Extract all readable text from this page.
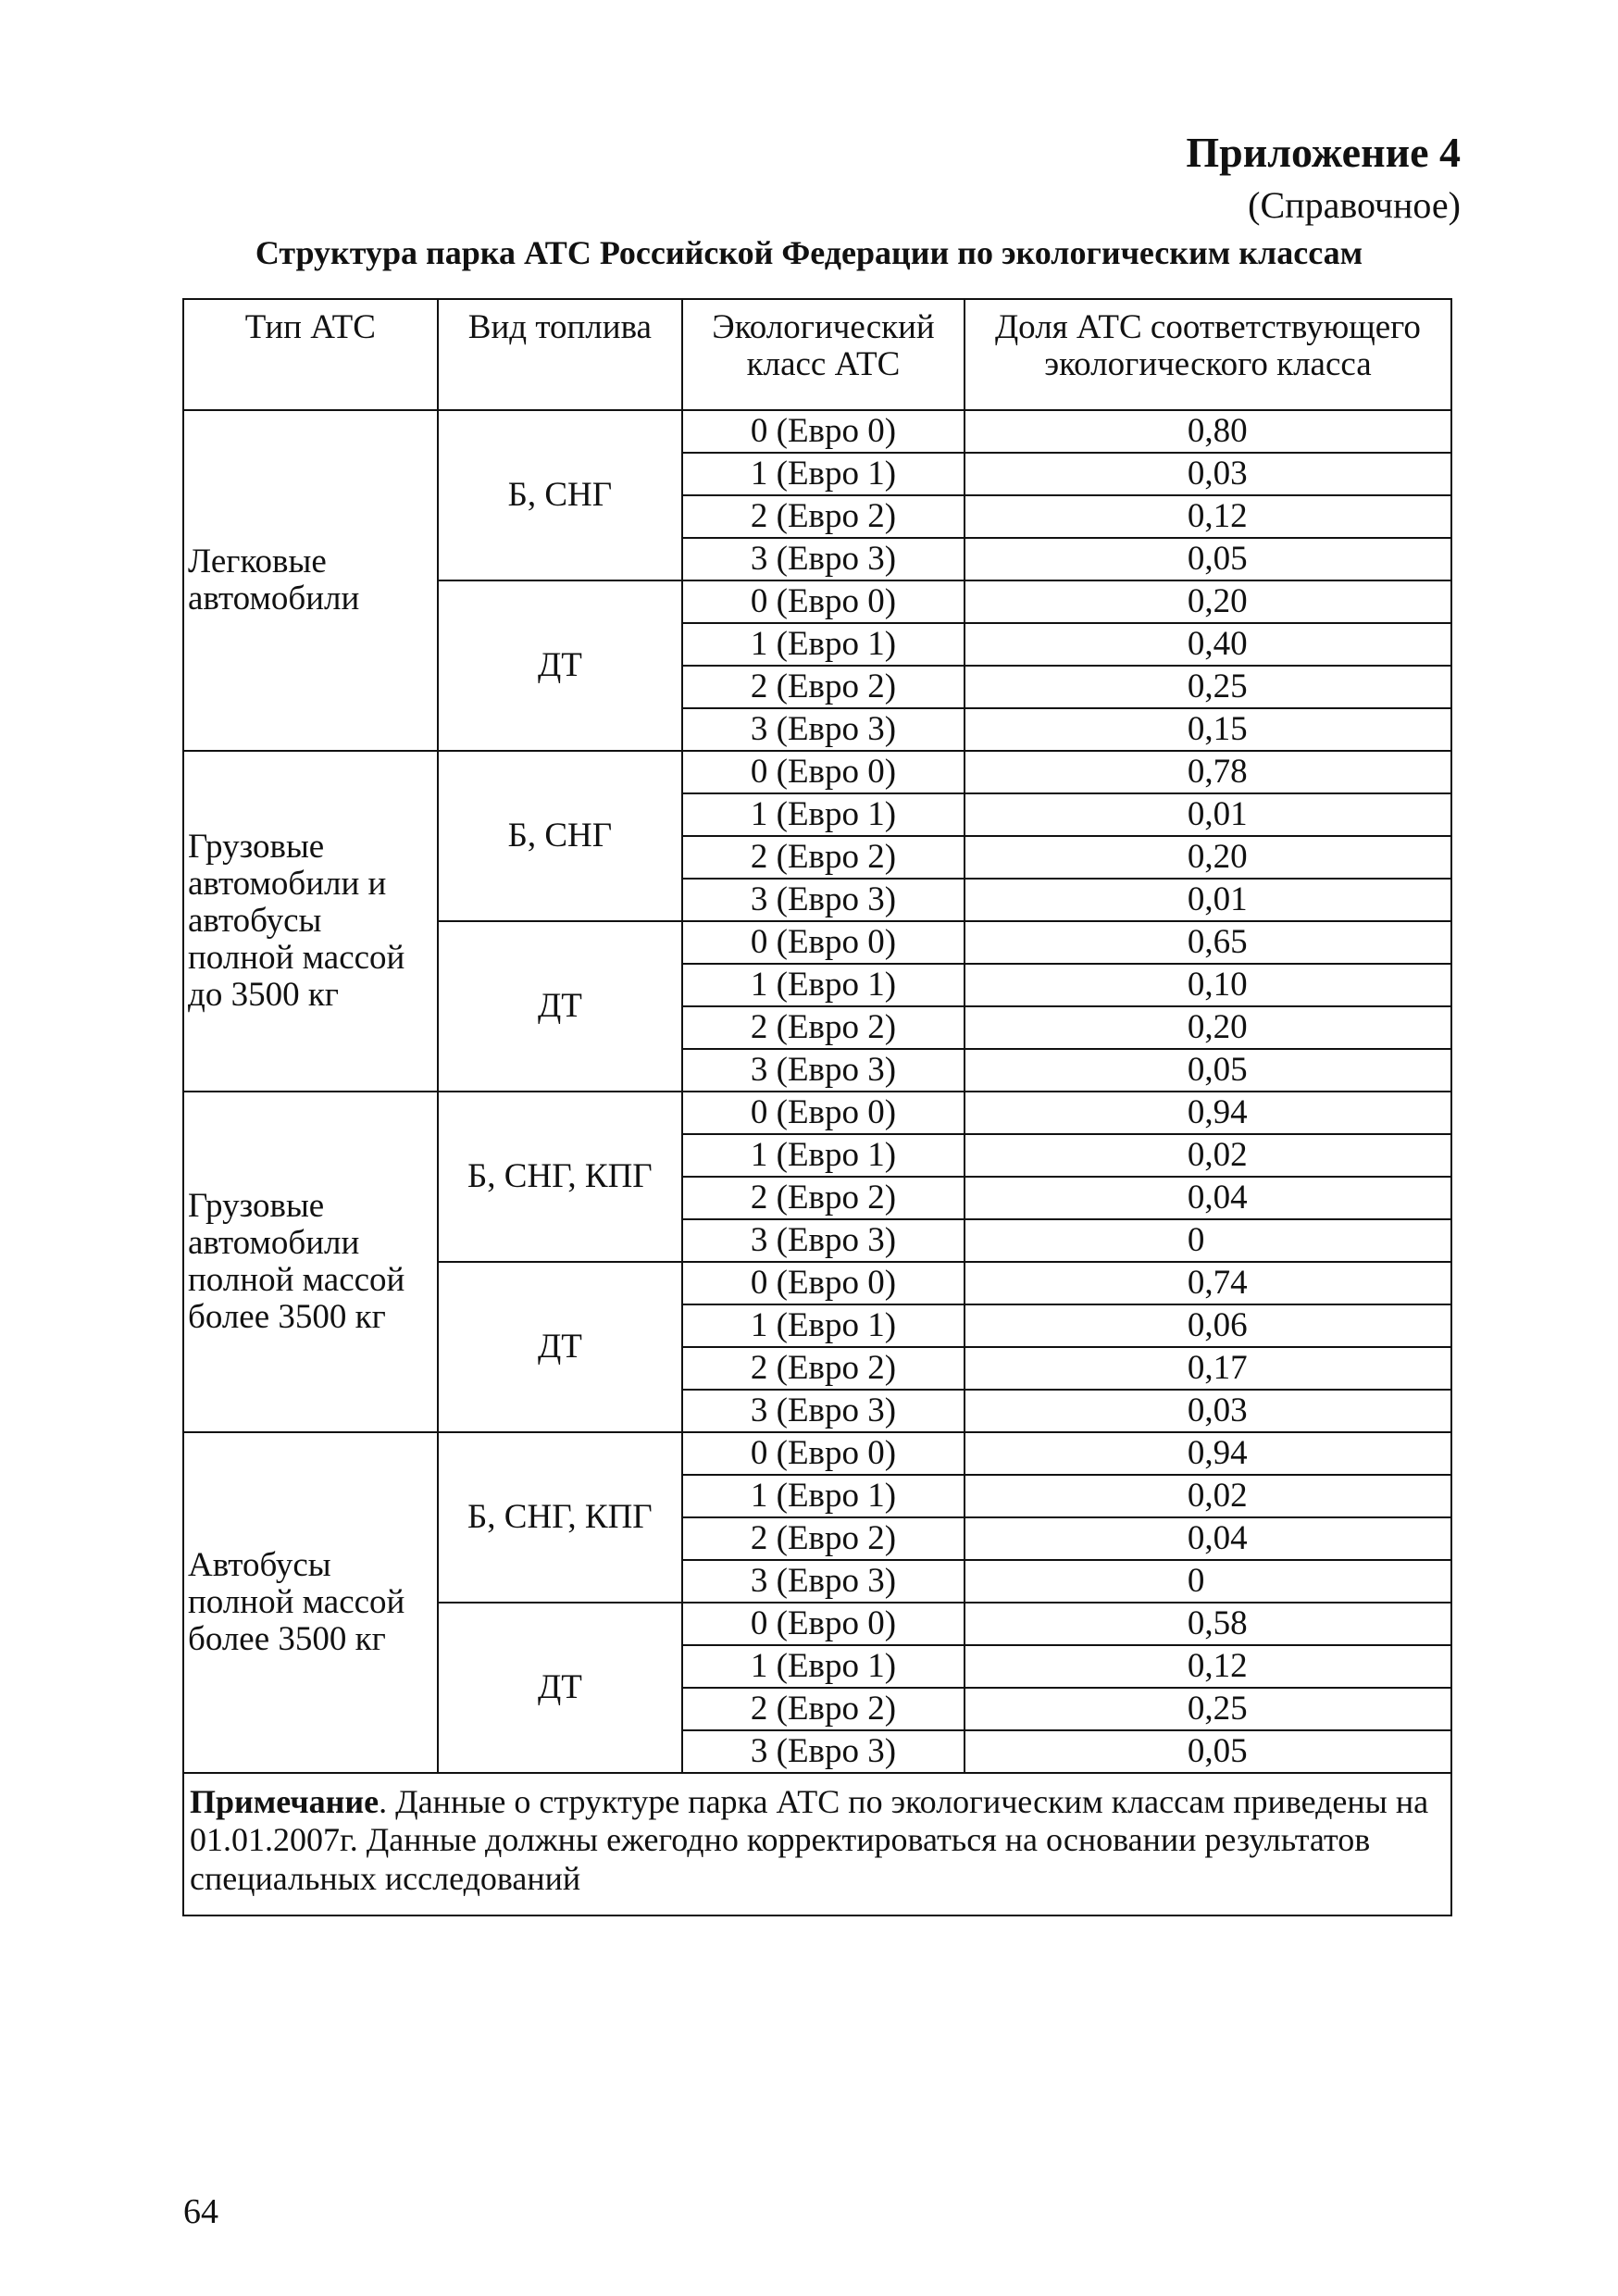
Приложение 4
(Справочное)
Структура парка АТС Российской Федерации по экологическим классам
Тип АТС	Вид топлива	Экологический класс АТС	Доля АТС соответствующего экологического класса
Легковые автомобили	Б, СНГ	0 (Евро 0)	0,80
		1 (Евро 1)	0,03
		2 (Евро 2)	0,12
		3 (Евро 3)	0,05
	ДТ	0 (Евро 0)	0,20
		1 (Евро 1)	0,40
		2 (Евро 2)	0,25
		3 (Евро 3)	0,15
Грузовые автомобили и автобусы полной массой до 3500 кг	Б, СНГ	0 (Евро 0)	0,78
		1 (Евро 1)	0,01
		2 (Евро 2)	0,20
		3 (Евро 3)	0,01
	ДТ	0 (Евро 0)	0,65
		1 (Евро 1)	0,10
		2 (Евро 2)	0,20
		3 (Евро 3)	0,05
Грузовые автомобили полной массой более 3500 кг	Б, СНГ, КПГ	0 (Евро 0)	0,94
		1 (Евро 1)	0,02
		2 (Евро 2)	0,04
		3 (Евро 3)	0
	ДТ	0 (Евро 0)	0,74
		1 (Евро 1)	0,06
		2 (Евро 2)	0,17
		3 (Евро 3)	0,03
Автобусы полной массой более 3500 кг	Б, СНГ, КПГ	0 (Евро 0)	0,94
		1 (Евро 1)	0,02
		2 (Евро 2)	0,04
		3 (Евро 3)	0
	ДТ	0 (Евро 0)	0,58
		1 (Евро 1)	0,12
		2 (Евро 2)	0,25
		3 (Евро 3)	0,05
Примечание. Данные о структуре парка АТС по экологическим классам приведены на 01.01.2007г. Данные должны ежегодно корректироваться на основании результатов специальных исследований			
64
